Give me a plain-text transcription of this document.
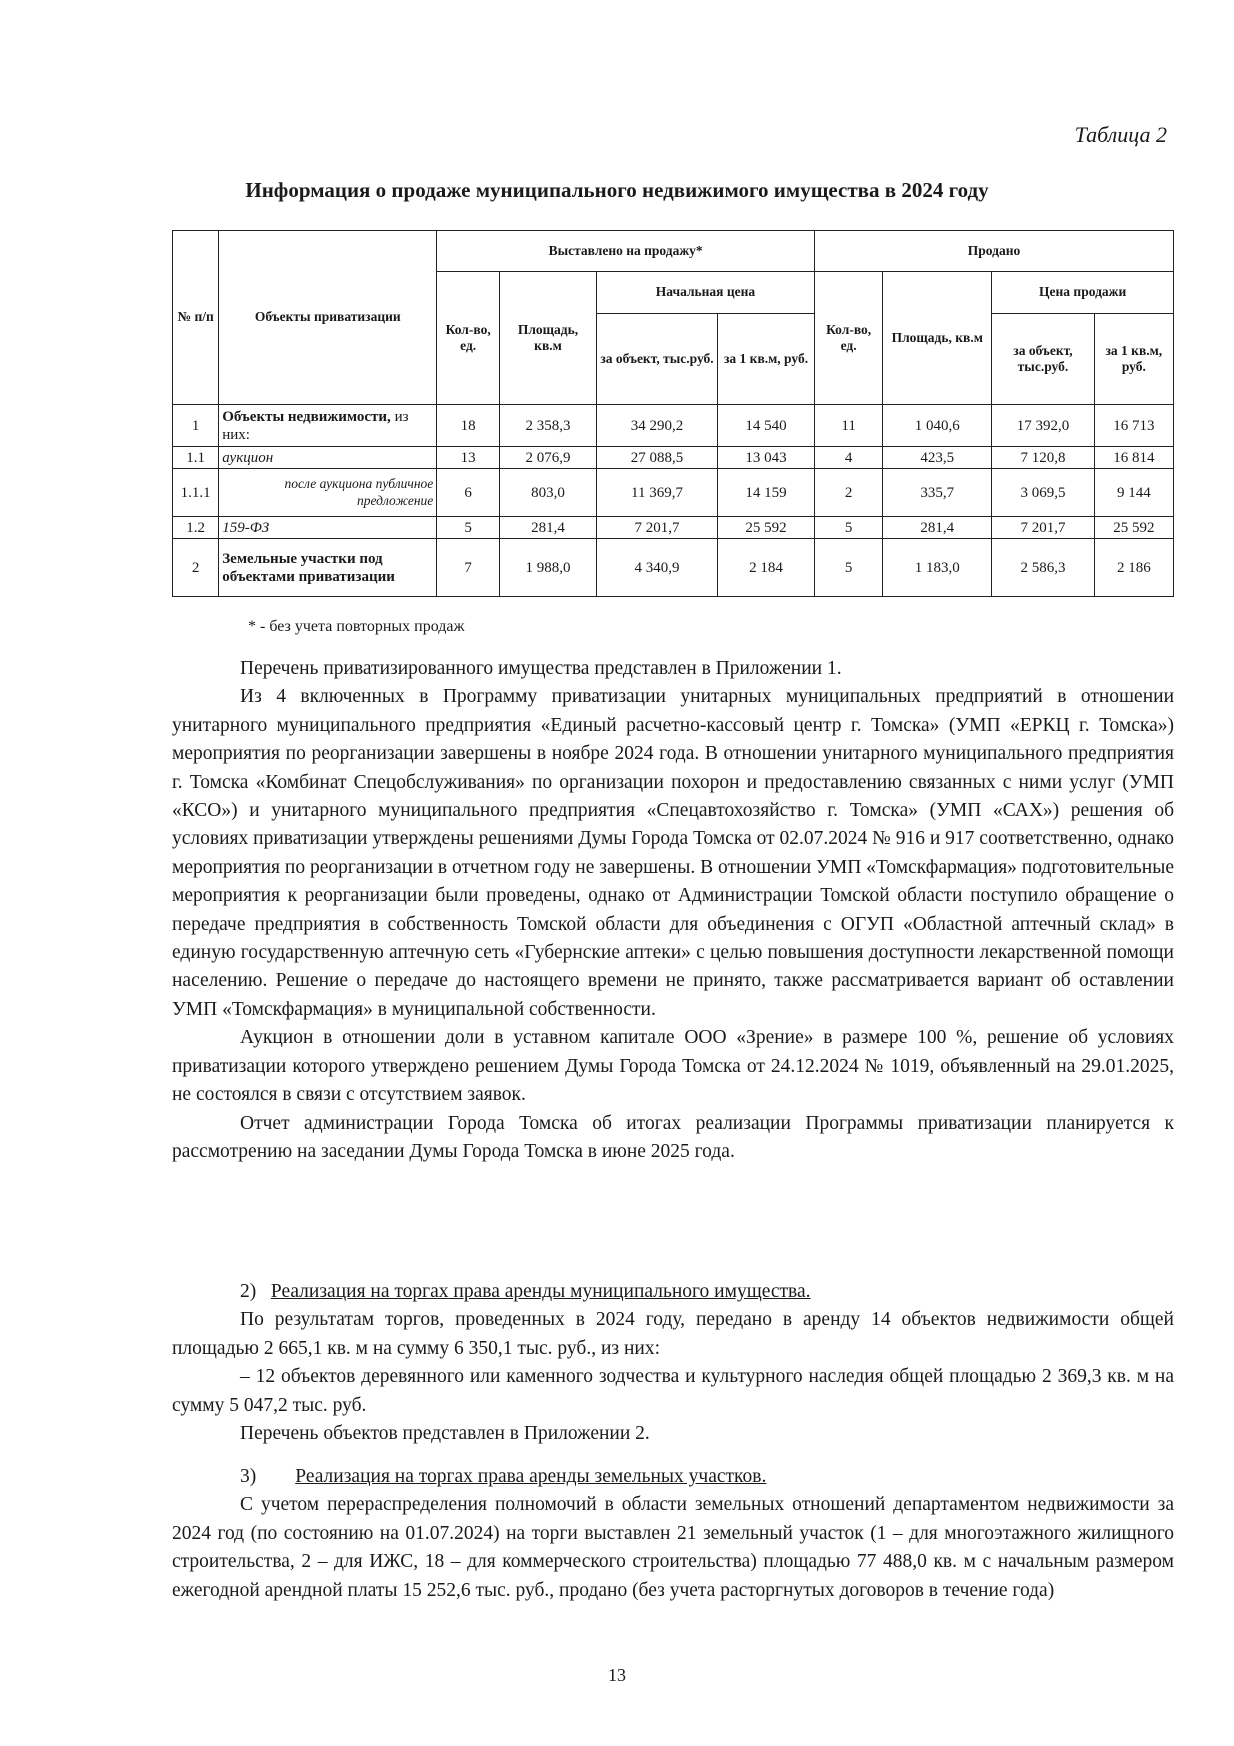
Таблица 2
Информация о продаже муниципального недвижимого имущества в 2024 году
№ п/п	Объекты приватизации	Выставлено на продажу*				Продано			
		Кол-во, ед.	Площадь, кв.м	Начальная цена		Кол-во, ед.	Площадь, кв.м	Цена продажи	
				за объект, тыс.руб.	за 1 кв.м, руб.			за объект, тыс.руб.	за 1 кв.м, руб.
1	Объекты недвижимости, из них:	18	2 358,3	34 290,2	14 540	11	1 040,6	17 392,0	16 713
1.1	аукцион	13	2 076,9	27 088,5	13 043	4	423,5	7 120,8	16 814
1.1.1	после аукциона публичное предложение	6	803,0	11 369,7	14 159	2	335,7	3 069,5	9 144
1.2	159-ФЗ	5	281,4	7 201,7	25 592	5	281,4	7 201,7	25 592
2	Земельные участки под объектами приватизации	7	1 988,0	4 340,9	2 184	5	1 183,0	2 586,3	2 186
* - без учета повторных продаж

Перечень приватизированного имущества представлен в Приложении 1.

Из 4 включенных в Программу приватизации унитарных муниципальных предприятий в отношении унитарного муниципального предприятия «Единый расчетно-кассовый центр г. Томска» (УМП «ЕРКЦ г. Томска») мероприятия по реорганизации завершены в ноябре 2024 года. В отношении унитарного муниципального предприятия г. Томска «Комбинат Спецобслуживания» по организации похорон и предоставлению связанных с ними услуг (УМП «КСО») и унитарного муниципального предприятия «Спецавтохозяйство г. Томска» (УМП «САХ») решения об условиях приватизации утверждены решениями Думы Города Томска от 02.07.2024 № 916 и 917 соответственно, однако мероприятия по реорганизации в отчетном году не завершены. В отношении УМП «Томскфармация» подготовительные мероприятия к реорганизации были проведены, однако от Администрации Томской области поступило обращение о передаче предприятия в собственность Томской области для объединения с ОГУП «Областной аптечный склад» в единую государственную аптечную сеть «Губернские аптеки» с целью повышения доступности лекарственной помощи населению. Решение о передаче до настоящего времени не принято, также рассматривается вариант об оставлении УМП «Томскфармация» в муниципальной собственности.

Аукцион в отношении доли в уставном капитале ООО «Зрение» в размере 100 %, решение об условиях приватизации которого утверждено решением Думы Города Томска от 24.12.2024 № 1019, объявленный на 29.01.2025, не состоялся в связи с отсутствием заявок.

Отчет администрации Города Томска об итогах реализации Программы приватизации планируется к рассмотрению на заседании Думы Города Томска в июне 2025 года.

2) Реализация на торгах права аренды муниципального имущества.

По результатам торгов, проведенных в 2024 году, передано в аренду 14 объектов недвижимости общей площадью 2 665,1 кв. м на сумму 6 350,1 тыс. руб., из них:

– 12 объектов деревянного или каменного зодчества и культурного наследия общей площадью 2 369,3 кв. м на сумму 5 047,2 тыс. руб.

Перечень объектов представлен в Приложении 2.

3) Реализация на торгах права аренды земельных участков.

С учетом перераспределения полномочий в области земельных отношений департаментом недвижимости за 2024 год (по состоянию на 01.07.2024) на торги выставлен 21 земельный участок (1 – для многоэтажного жилищного строительства, 2 – для ИЖС, 18 – для коммерческого строительства) площадью 77 488,0 кв. м с начальным размером ежегодной арендной платы 15 252,6 тыс. руб., продано (без учета расторгнутых договоров в течение года)

13
